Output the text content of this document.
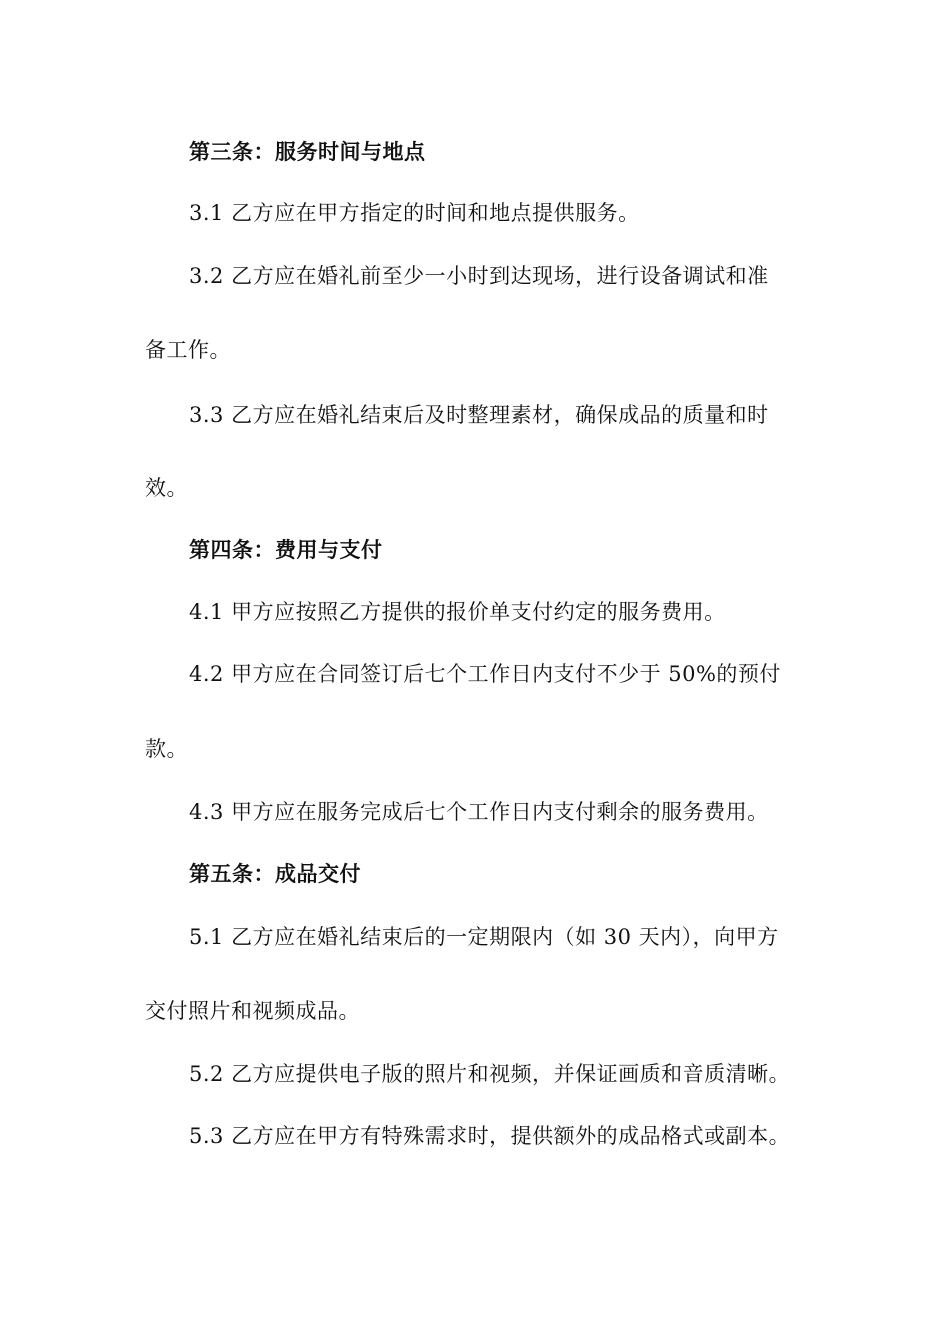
第三条：服务时间与地点
3.1 乙方应在甲方指定的时间和地点提供服务。
3.2 乙方应在婚礼前至少一小时到达现场，进行设备调试和准
备工作。
3.3 乙方应在婚礼结束后及时整理素材，确保成品的质量和时
效。
第四条：费用与支付
4.1 甲方应按照乙方提供的报价单支付约定的服务费用。
4.2 甲方应在合同签订后七个工作日内支付不少于 50%的预付
款。
4.3 甲方应在服务完成后七个工作日内支付剩余的服务费用。
第五条：成品交付
5.1 乙方应在婚礼结束后的一定期限内（如 30 天内），向甲方
交付照片和视频成品。
5.2 乙方应提供电子版的照片和视频，并保证画质和音质清晰。
5.3 乙方应在甲方有特殊需求时，提供额外的成品格式或副本。
